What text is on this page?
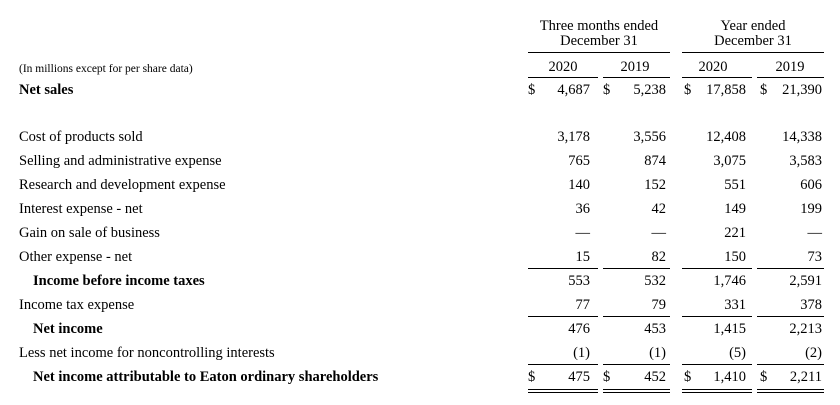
Three months ended
December 31
Year ended
December 31
(In millions except for per share data)	2020	2019	2020	2019
Net sales	$ 4,687 $ 5,238 $ 17,858 $ 21,390
Cost of products sold	3,178	3,556	12,408 14,338
Selling and administrative expense	765	874	3,075	3,583
Research and development expense	140	152	551	606
Interest expense - net	36	42	149	199
Gain on sale of business	—	—	221	—
Other expense - net	15	82	150	73
Income before income taxes	553	532	1,746	2,591
Income tax expense	77	79	331	378
Net income	476	453	1,415	2,213
Less net income for noncontrolling interests	(1)	(1)	(5)	(2)
Net income attributable to Eaton ordinary shareholders	$ 475 $ 452 $ 1,410 $ 2,211
